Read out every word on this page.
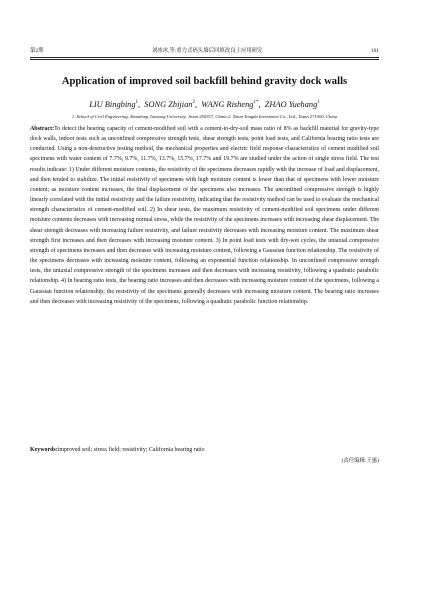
第2期	刘冰冰,等:重力式码头墙后回填改良土应用研究	101
Application of improved soil backfill behind gravity dock walls
LIU Bingbing$^1$,  SONG Zhijian$^2$,  WANG Risheng$^{1*}$,  ZHAO Yuehang$^1$
1. School of Civil Engineering, Shandong Jiaotong University, Jinan 250357, China;2. Taian Tongda Investment Co., Ltd., Taian 271000, China
Abstract:To detect the bearing capacity of cement-modified soil with a cement-to-dry-soil mass ratio of 8% as backfill material for gravity-type dock walls, indoor tests such as unconfined compressive strength tests, shear strength tests, point load tests, and California bearing ratio tests are conducted. Using a non-destructive testing method, the mechanical properties and electric field response characteristics of cement modified soil specimens with water content of 7.7%, 9.7%, 11.7%, 13.7%, 15.7%, 17.7% and 19.7% are studied under the action of single stress field. The test results indicate: 1) Under different moisture contents, the resistivity of the specimens decreases rapidly with the increase of load and displacement, and then tended to stabilize. The initial resistivity of specimens with high moisture content is lower than that of specimens with lower moisture content; as moisture content increases, the final displacement of the specimens also increases. The unconfined compressive strength is highly linearly correlated with the initial resistivity and the failure resistivity, indicating that the resistivity method can be used to evaluate the mechanical strength characteristics of cement-modified soil. 2) In shear tests, the maximum resistivity of cement-modified soil specimens under different moisture contents decreases with increasing normal stress, while the resistivity of the specimens increases with increasing shear displacement. The shear strength decreases with increasing failure resistivity, and failure resistivity decreases with increasing moisture content. The maximum shear strength first increases and then decreases with increasing moisture content. 3) In point load tests with dry-wet cycles, the uniaxial compressive strength of specimens increases and then decreases with increasing moisture content, following a Gaussian function relationship. The resistivity of the specimens decreases with increasing moisture content, following an exponential function relationship. In unconfined compressive strength tests, the uniaxial compressive strength of the specimens increases and then decreases with increasing resistivity, following a quadratic parabolic relationship. 4) In bearing ratio tests, the bearing ratio increases and then decreases with increasing moisture content of the specimens, following a Gaussian function relationship; the resistivity of the specimens generally decreases with increasing moisture content. The bearing ratio increases and then decreases with increasing resistivity of the specimens, following a quadratic parabolic function relationship.
Keywords:improved soil; stress field; resistivity; California bearing ratio
(责任编辑:王惠)
